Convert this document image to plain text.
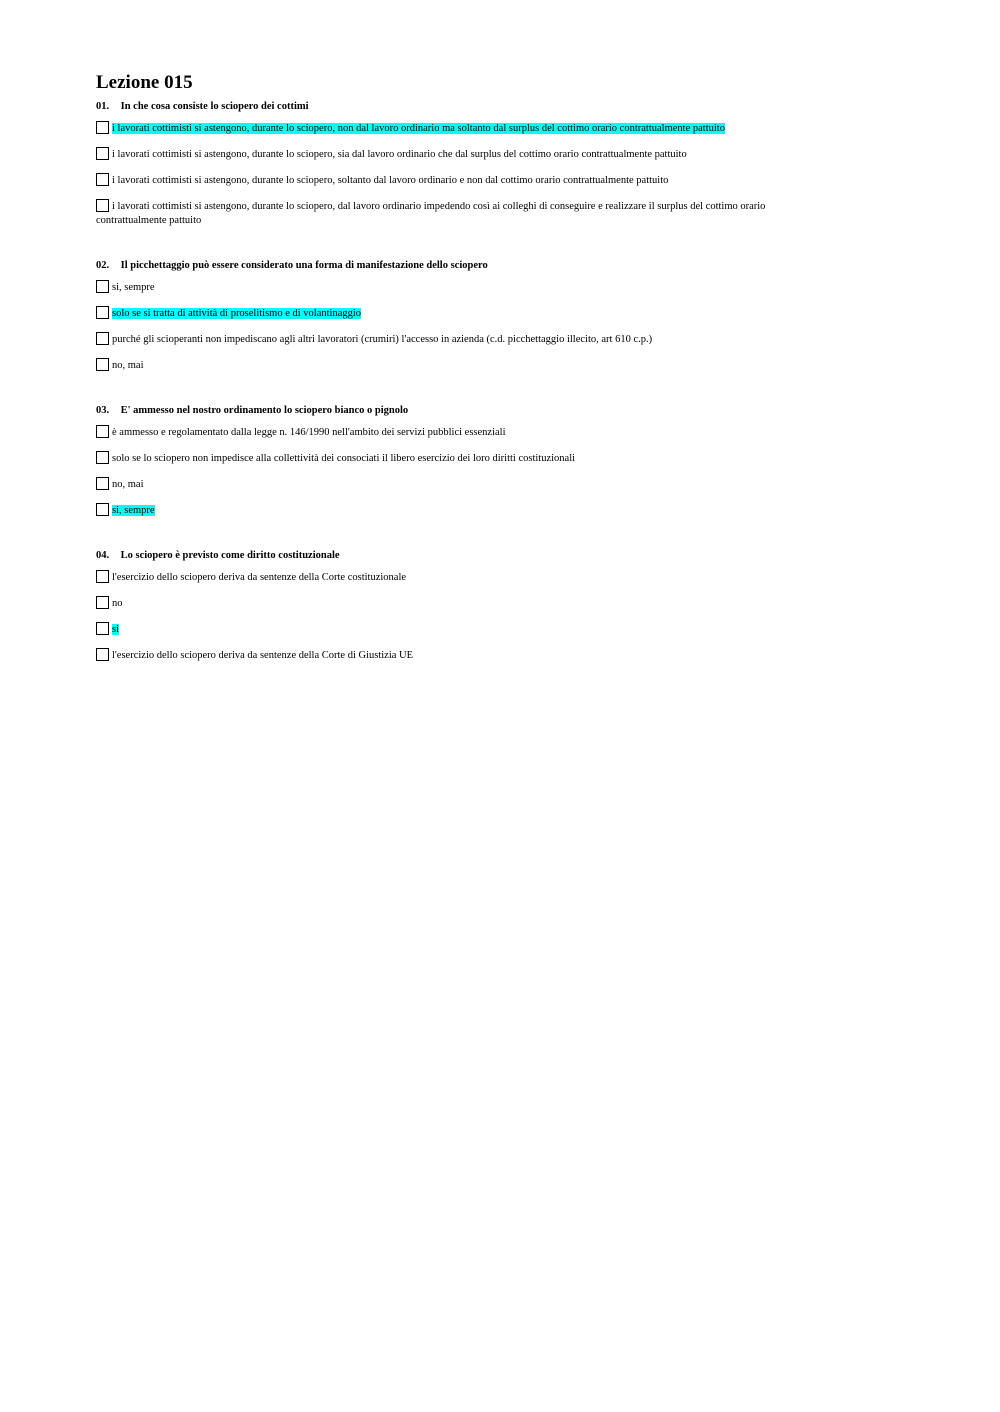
Lezione 015
01. In che cosa consiste lo sciopero dei cottimi
i lavorati cottimisti si astengono, durante lo sciopero, non dal lavoro ordinario ma soltanto dal surplus del cottimo orario contrattualmente pattuito
i lavorati cottimisti si astengono, durante lo sciopero, sia dal lavoro ordinario che dal surplus del cottimo orario contrattualmente pattuito
i lavorati cottimisti si astengono, durante lo sciopero, soltanto dal lavoro ordinario e non dal cottimo orario contrattualmente pattuito
i lavorati cottimisti si astengono, durante lo sciopero, dal lavoro ordinario impedendo così ai colleghi di conseguire e realizzare il surplus del cottimo orario contrattualmente pattuito
02. Il picchettaggio può essere considerato una forma di manifestazione dello sciopero
si, sempre
solo se si tratta di attività di proselitismo e di volantinaggio
purché gli scioperanti non impediscano agli altri lavoratori (crumiri) l'accesso in azienda (c.d. picchettaggio illecito, art 610 c.p.)
no, mai
03. E' ammesso nel nostro ordinamento lo sciopero bianco o pignolo
è ammesso e regolamentato dalla legge n. 146/1990 nell'ambito dei servizi pubblici essenziali
solo se lo sciopero non impedisce alla collettività dei consociati il libero esercizio dei loro diritti costituzionali
no, mai
si, sempre
04. Lo sciopero è previsto come diritto costituzionale
l'esercizio dello sciopero deriva da sentenze della Corte costituzionale
no
si
l'esercizio dello sciopero deriva da sentenze della Corte di Giustizia UE
